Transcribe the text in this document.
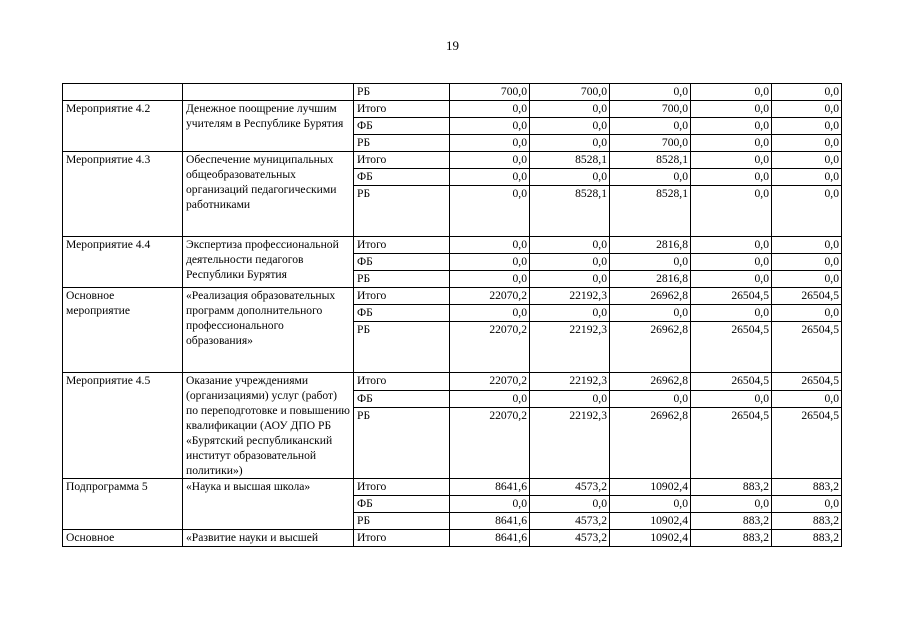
19
		РБ	700,0	700,0	0,0	0,0	0,0
Мероприятие 4.2	Денежное поощрение лучшим учителям в Республике Бурятия	Итого	0,0	0,0	700,0	0,0	0,0
		ФБ	0,0	0,0	0,0	0,0	0,0
		РБ	0,0	0,0	700,0	0,0	0,0
Мероприятие 4.3	Обеспечение муниципальных общеобразовательных организаций педагогическими работниками	Итого	0,0	8528,1	8528,1	0,0	0,0
		ФБ	0,0	0,0	0,0	0,0	0,0
		РБ	0,0	8528,1	8528,1	0,0	0,0
Мероприятие 4.4	Экспертиза профессиональной деятельности педагогов Республики Бурятия	Итого	0,0	0,0	2816,8	0,0	0,0
		ФБ	0,0	0,0	0,0	0,0	0,0
		РБ	0,0	0,0	2816,8	0,0	0,0
Основное мероприятие	«Реализация образовательных программ дополнительного профессионального образования»	Итого	22070,2	22192,3	26962,8	26504,5	26504,5
		ФБ	0,0	0,0	0,0	0,0	0,0
		РБ	22070,2	22192,3	26962,8	26504,5	26504,5
Мероприятие 4.5	Оказание учреждениями (организациями) услуг (работ) по переподготовке и повышению квалификации (АОУ ДПО РБ «Бурятский республиканский институт образовательной политики»)	Итого	22070,2	22192,3	26962,8	26504,5	26504,5
		ФБ	0,0	0,0	0,0	0,0	0,0
		РБ	22070,2	22192,3	26962,8	26504,5	26504,5
Подпрограмма 5	«Наука и высшая школа»	Итого	8641,6	4573,2	10902,4	883,2	883,2
		ФБ	0,0	0,0	0,0	0,0	0,0
		РБ	8641,6	4573,2	10902,4	883,2	883,2
Основное	«Развитие науки и высшей	Итого	8641,6	4573,2	10902,4	883,2	883,2
